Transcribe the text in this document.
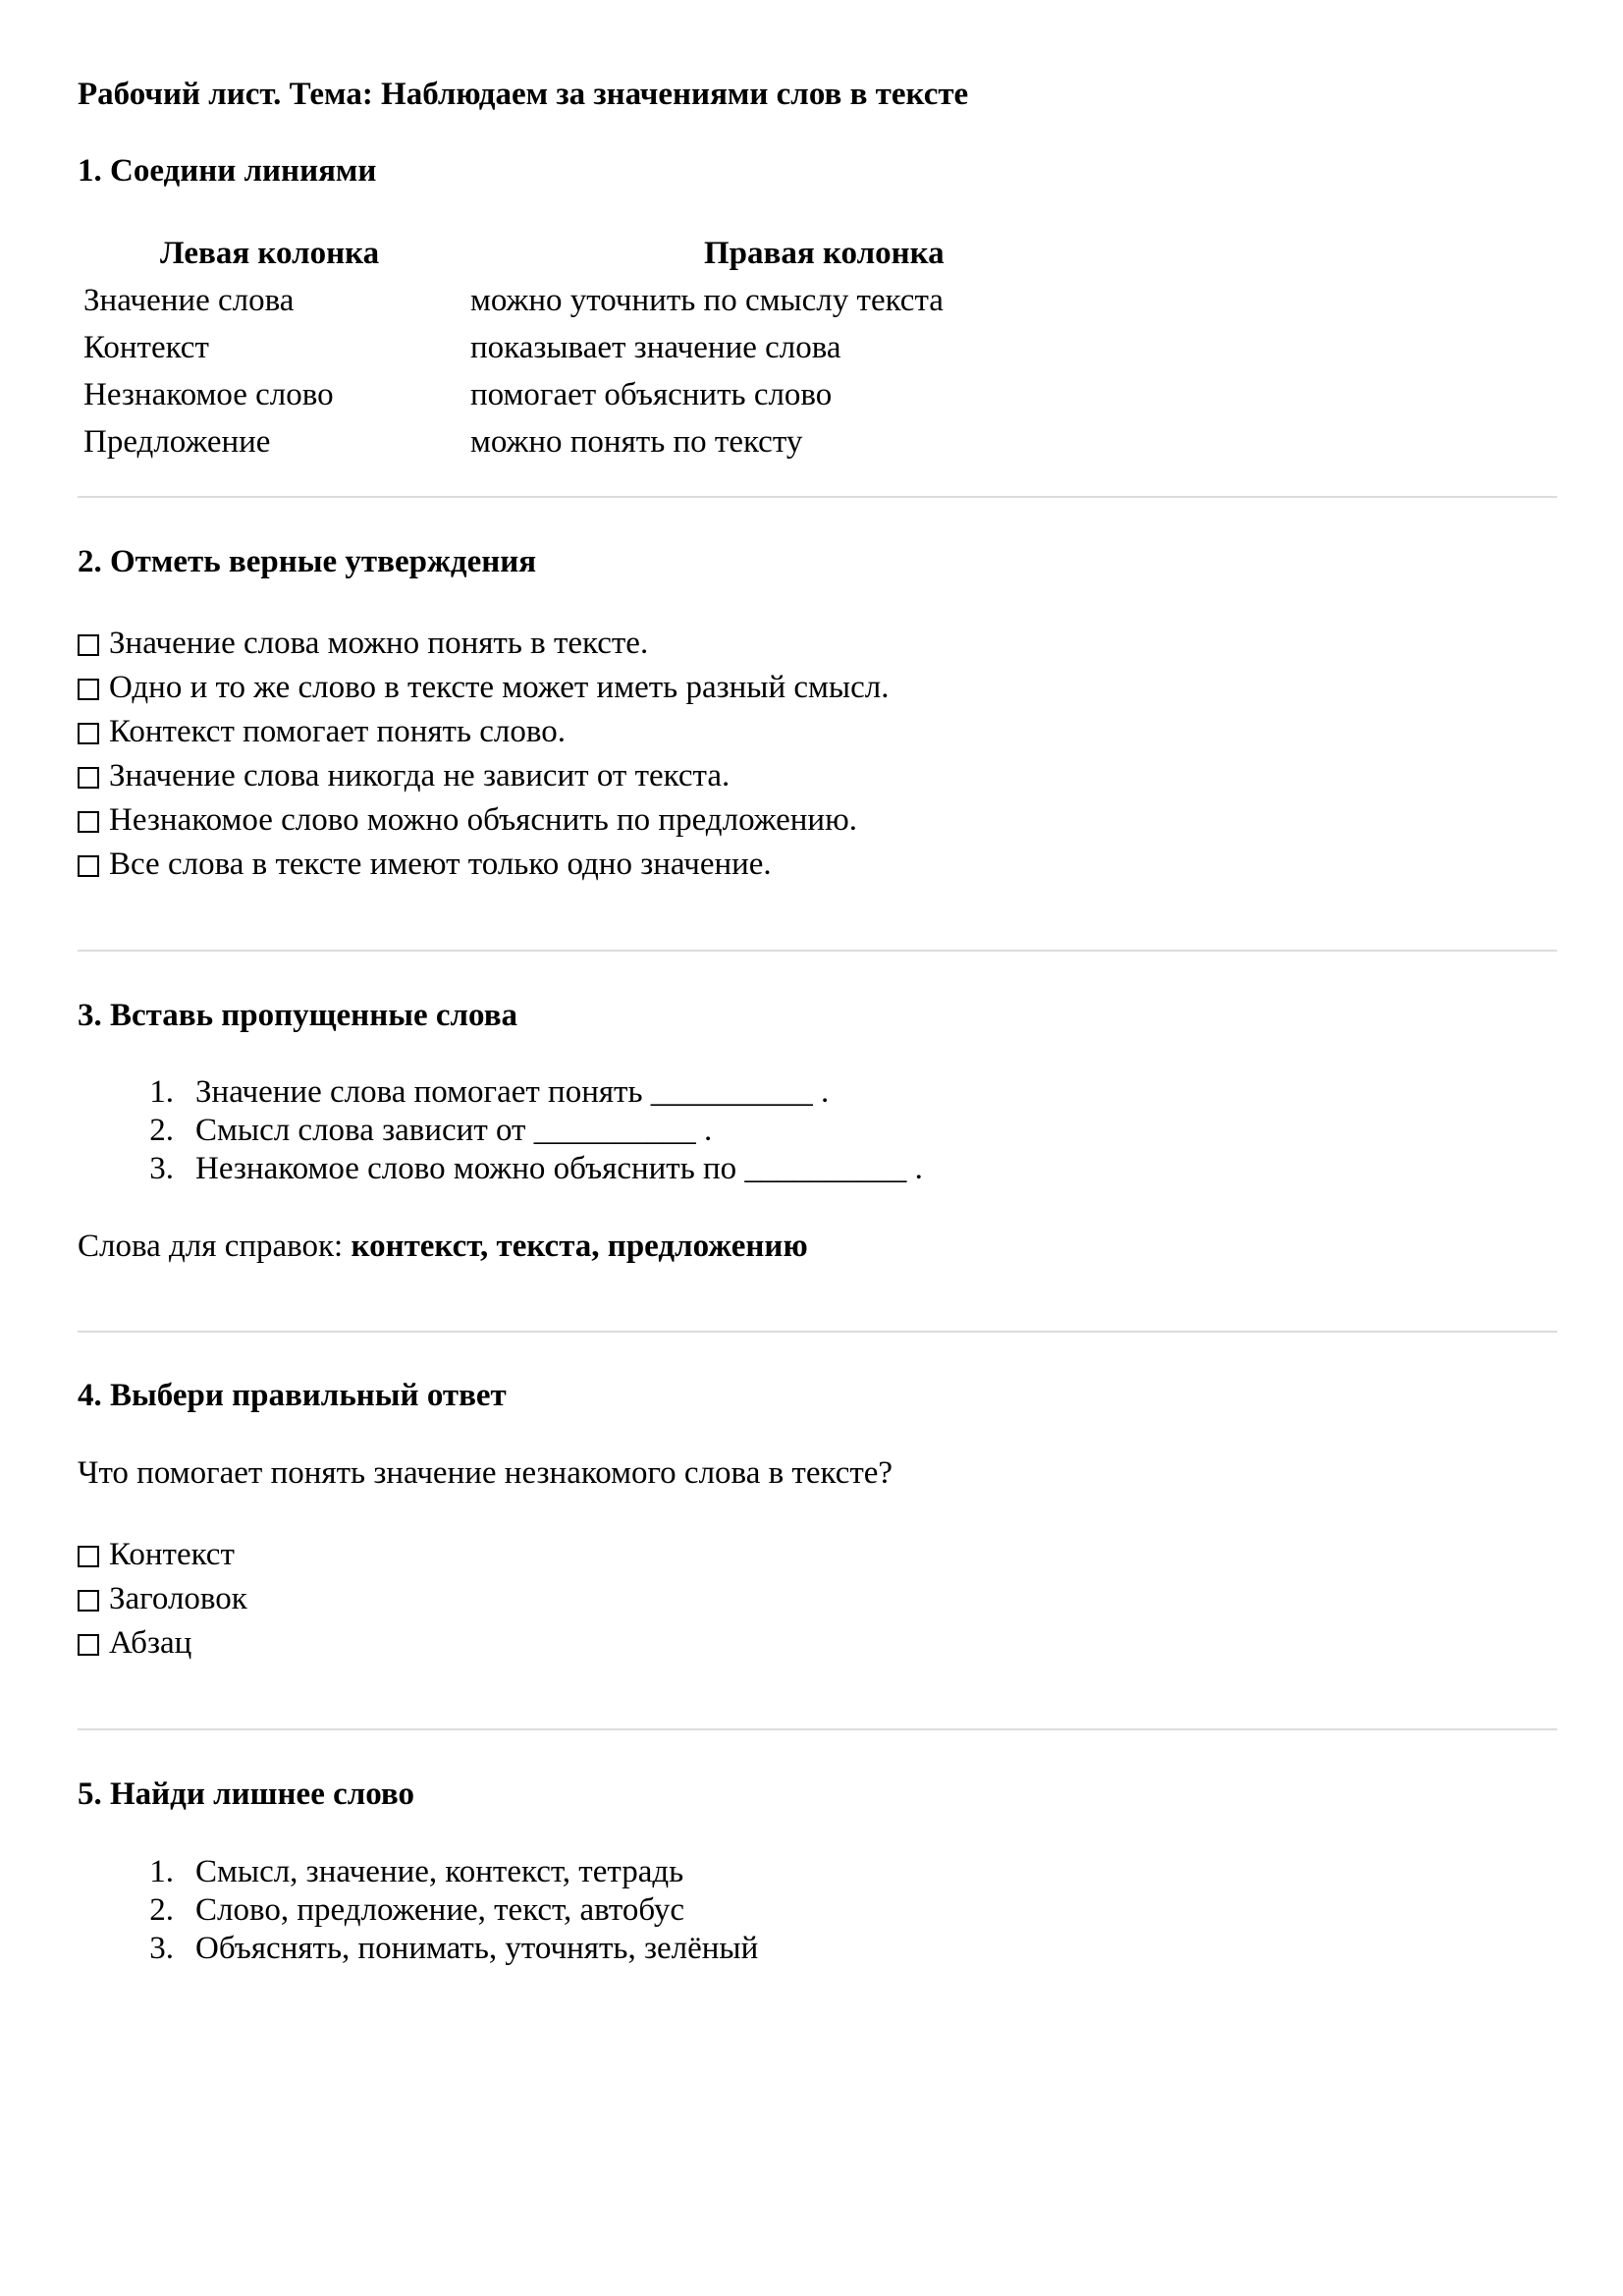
Рабочий лист. Тема: Наблюдаем за значениями слов в тексте
1. Соедини линиями
Левая колонка	Правая колонка
Значение слова
Контекст
Незнакомое слово
Предложение
можно уточнить по смыслу текста
показывает значение слова
помогает объяснить слово
можно понять по тексту
2. Отметь верные утверждения
Значение слова можно понять в тексте.
Одно и то же слово в тексте может иметь разный смысл.
Контекст помогает понять слово.
Значение слова никогда не зависит от текста.
Незнакомое слово можно объяснить по предложению.
Все слова в тексте имеют только одно значение.
3. Вставь пропущенные слова
1. Значение слова помогает понять __________ .
2. Смысл слова зависит от __________ .
3. Незнакомое слово можно объяснить по __________ .
Слова для справок: контекст, текста, предложению
4. Выбери правильный ответ
Что помогает понять значение незнакомого слова в тексте?
Контекст
Заголовок
Абзац
5. Найди лишнее слово
1. Смысл, значение, контекст, тетрадь
2. Слово, предложение, текст, автобус
3. Объяснять, понимать, уточнять, зелёный
